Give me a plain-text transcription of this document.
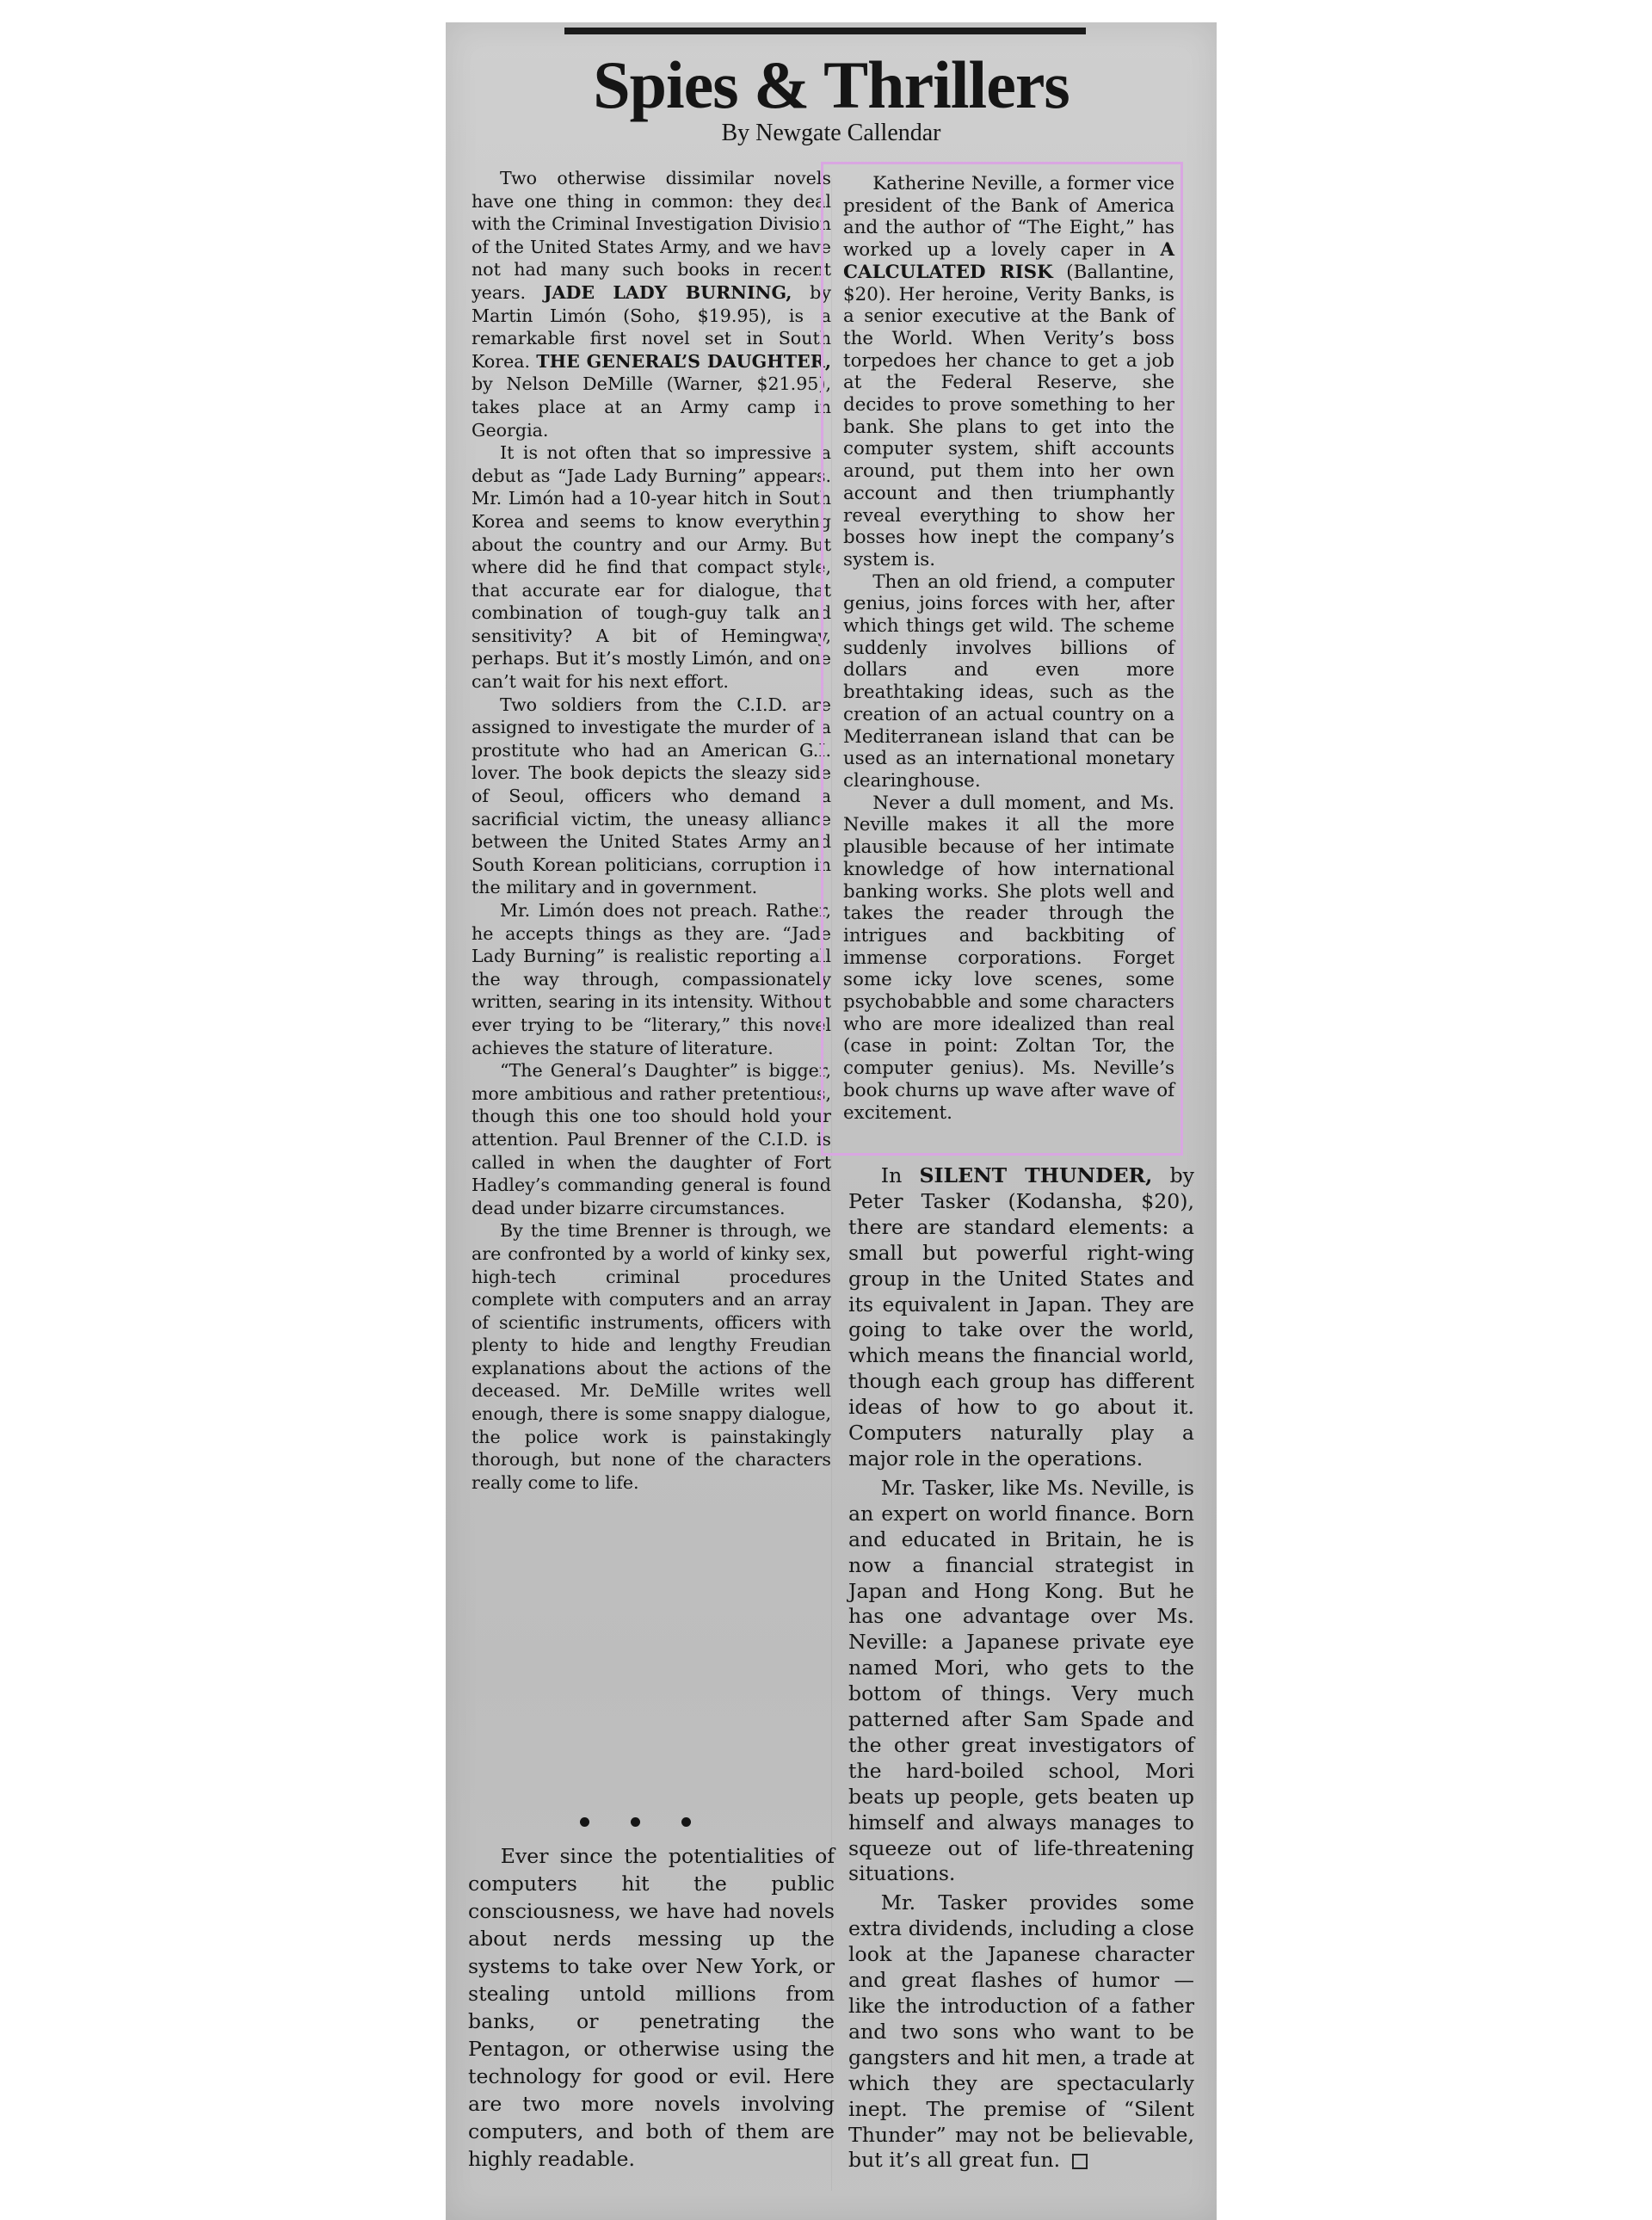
Spies & Thrillers
By Newgate Callendar

Two otherwise dissimilar novels have one thing in common: they deal with the Criminal Investigation Division of the United States Army, and we have not had many such books in recent years. JADE LADY BURNING, by Martin Limón (Soho, $19.95), is a remarkable first novel set in South Korea. THE GENERAL’S DAUGHTER, by Nelson DeMille (Warner, $21.95), takes place at an Army camp in Georgia.

It is not often that so impressive a debut as “Jade Lady Burning” appears. Mr. Limón had a 10-year hitch in South Korea and seems to know everything about the country and our Army. But where did he find that compact style, that accurate ear for dialogue, that combination of tough-guy talk and sensitivity? A bit of Hemingway, perhaps. But it’s mostly Limón, and one can’t wait for his next effort.

Two soldiers from the C.I.D. are assigned to investigate the murder of a prostitute who had an American G.I. lover. The book depicts the sleazy side of Seoul, officers who demand a sacrificial victim, the uneasy alliance between the United States Army and South Korean politicians, corruption in the military and in government.

Mr. Limón does not preach. Rather, he accepts things as they are. “Jade Lady Burning” is realistic reporting all the way through, compassionately written, searing in its intensity. Without ever trying to be “literary,” this novel achieves the stature of literature.

“The General’s Daughter” is bigger, more ambitious and rather pretentious, though this one too should hold your attention. Paul Brenner of the C.I.D. is called in when the daughter of Fort Hadley’s commanding general is found dead under bizarre circumstances.

By the time Brenner is through, we are confronted by a world of kinky sex, high-tech criminal procedures complete with computers and an array of scientific instruments, officers with plenty to hide and lengthy Freudian explanations about the actions of the deceased. Mr. DeMille writes well enough, there is some snappy dialogue, the police work is painstakingly thorough, but none of the characters really come to life.

Ever since the potentialities of computers hit the public consciousness, we have had novels about nerds messing up the systems to take over New York, or stealing untold millions from banks, or penetrating the Pentagon, or otherwise using the technology for good or evil. Here are two more novels involving computers, and both of them are highly readable.

Katherine Neville, a former vice president of the Bank of America and the author of “The Eight,” has worked up a lovely caper in A CALCULATED RISK (Ballantine, $20). Her heroine, Verity Banks, is a senior executive at the Bank of the World. When Verity’s boss torpedoes her chance to get a job at the Federal Reserve, she decides to prove something to her bank. She plans to get into the computer system, shift accounts around, put them into her own account and then triumphantly reveal everything to show her bosses how inept the company’s system is.

Then an old friend, a computer genius, joins forces with her, after which things get wild. The scheme suddenly involves billions of dollars and even more breathtaking ideas, such as the creation of an actual country on a Mediterranean island that can be used as an international monetary clearinghouse.

Never a dull moment, and Ms. Neville makes it all the more plausible because of her intimate knowledge of how international banking works. She plots well and takes the reader through the intrigues and backbiting of immense corporations. Forget some icky love scenes, some psychobabble and some characters who are more idealized than real (case in point: Zoltan Tor, the computer genius). Ms. Neville’s book churns up wave after wave of excitement.

In SILENT THUNDER, by Peter Tasker (Kodansha, $20), there are standard elements: a small but powerful right-wing group in the United States and its equivalent in Japan. They are going to take over the world, which means the financial world, though each group has different ideas of how to go about it. Computers naturally play a major role in the operations.

Mr. Tasker, like Ms. Neville, is an expert on world finance. Born and educated in Britain, he is now a financial strategist in Japan and Hong Kong. But he has one advantage over Ms. Neville: a Japanese private eye named Mori, who gets to the bottom of things. Very much patterned after Sam Spade and the other great investigators of the hard-boiled school, Mori beats up people, gets beaten up himself and always manages to squeeze out of life-threatening situations.

Mr. Tasker provides some extra dividends, including a close look at the Japanese character and great flashes of humor — like the introduction of a father and two sons who want to be gangsters and hit men, a trade at which they are spectacularly inept. The premise of “Silent Thunder” may not be believable, but it’s all great fun.
